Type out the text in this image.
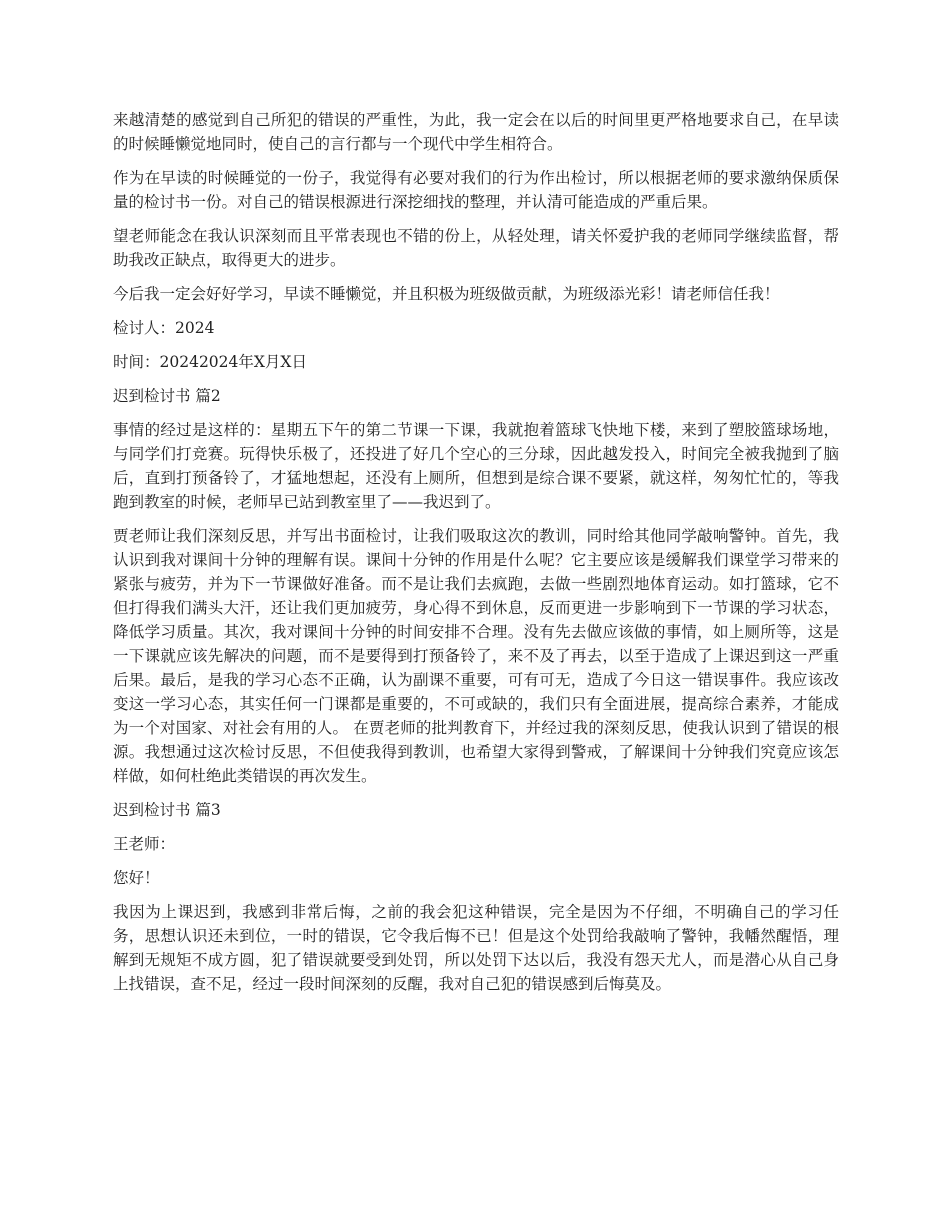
来越清楚的感觉到自己所犯的错误的严重性，为此，我一定会在以后的时间里更严格地要求自己，在早读的时候睡懒觉地同时，使自己的言行都与一个现代中学生相符合。

作为在早读的时候睡觉的一份子，我觉得有必要对我们的行为作出检讨，所以根据老师的要求激纳保质保量的检讨书一份。对自己的错误根源进行深挖细找的整理，并认清可能造成的严重后果。

望老师能念在我认识深刻而且平常表现也不错的份上，从轻处理，请关怀爱护我的老师同学继续监督，帮助我改正缺点，取得更大的进步。

今后我一定会好好学习，早读不睡懒觉，并且积极为班级做贡献，为班级添光彩！请老师信任我！

检讨人：2024

时间：20242024年X月X日

迟到检讨书 篇2

事情的经过是这样的：星期五下午的第二节课一下课，我就抱着篮球飞快地下楼，来到了塑胶篮球场地，与同学们打竞赛。玩得快乐极了，还投进了好几个空心的三分球，因此越发投入，时间完全被我抛到了脑后，直到打预备铃了，才猛地想起，还没有上厕所，但想到是综合课不要紧，就这样，匆匆忙忙的，等我跑到教室的时候，老师早已站到教室里了——我迟到了。

贾老师让我们深刻反思，并写出书面检讨，让我们吸取这次的教训，同时给其他同学敲响警钟。首先，我认识到我对课间十分钟的理解有误。课间十分钟的作用是什么呢？它主要应该是缓解我们课堂学习带来的紧张与疲劳，并为下一节课做好准备。而不是让我们去疯跑，去做一些剧烈地体育运动。如打篮球，它不但打得我们满头大汗，还让我们更加疲劳，身心得不到休息，反而更进一步影响到下一节课的学习状态，降低学习质量。其次，我对课间十分钟的时间安排不合理。没有先去做应该做的事情，如上厕所等，这是一下课就应该先解决的问题，而不是要得到打预备铃了，来不及了再去，以至于造成了上课迟到这一严重后果。最后，是我的学习心态不正确，认为副课不重要，可有可无，造成了今日这一错误事件。我应该改变这一学习心态，其实任何一门课都是重要的，不可或缺的，我们只有全面进展，提高综合素养，才能成为一个对国家、对社会有用的人。 在贾老师的批判教育下，并经过我的深刻反思，使我认识到了错误的根源。我想通过这次检讨反思，不但使我得到教训，也希望大家得到警戒，了解课间十分钟我们究竟应该怎样做，如何杜绝此类错误的再次发生。

迟到检讨书 篇3

王老师：

您好！

我因为上课迟到，我感到非常后悔，之前的我会犯这种错误，完全是因为不仔细，不明确自己的学习任务，思想认识还未到位，一时的错误，它令我后悔不已！但是这个处罚给我敲响了警钟，我幡然醒悟，理解到无规矩不成方圆，犯了错误就要受到处罚，所以处罚下达以后，我没有怨天尤人，而是潜心从自己身上找错误，查不足，经过一段时间深刻的反醒，我对自己犯的错误感到后悔莫及。
